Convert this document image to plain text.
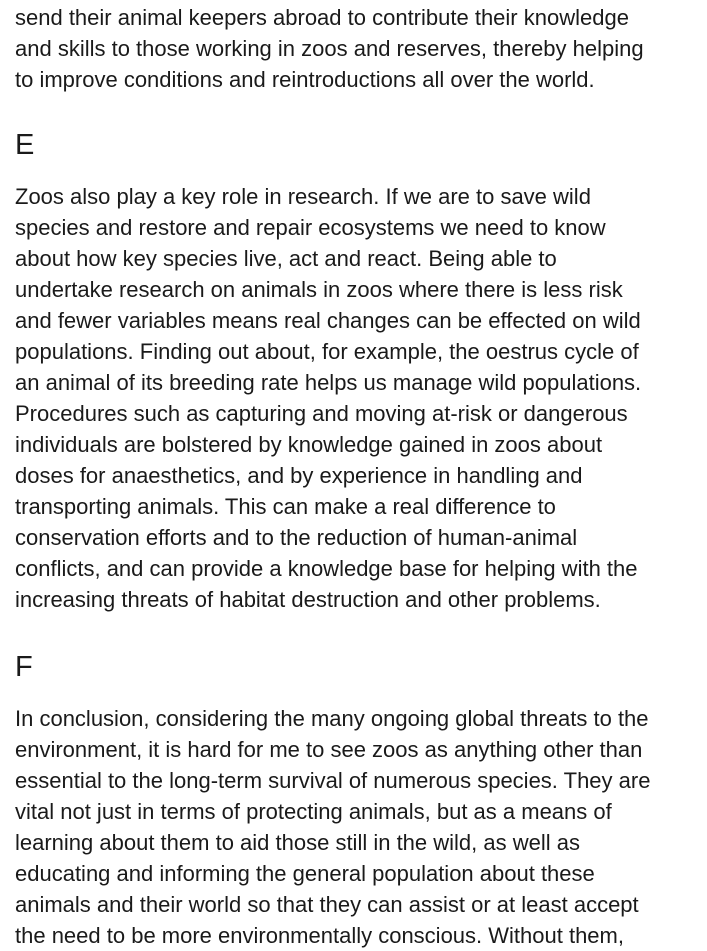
send their animal keepers abroad to contribute their knowledge
and skills to those working in zoos and reserves, thereby helping
to improve conditions and reintroductions all over the world.
E
Zoos also play a key role in research. If we are to save wild
species and restore and repair ecosystems we need to know
about how key species live, act and react. Being able to
undertake research on animals in zoos where there is less risk
and fewer variables means real changes can be effected on wild
populations. Finding out about, for example, the oestrus cycle of
an animal of its breeding rate helps us manage wild populations.
Procedures such as capturing and moving at-risk or dangerous
individuals are bolstered by knowledge gained in zoos about
doses for anaesthetics, and by experience in handling and
transporting animals. This can make a real difference to
conservation efforts and to the reduction of human-animal
conflicts, and can provide a knowledge base for helping with the
increasing threats of habitat destruction and other problems.
F
In conclusion, considering the many ongoing global threats to the
environment, it is hard for me to see zoos as anything other than
essential to the long-term survival of numerous species. They are
vital not just in terms of protecting animals, but as a means of
learning about them to aid those still in the wild, as well as
educating and informing the general population about these
animals and their world so that they can assist or at least accept
the need to be more environmentally conscious. Without them,
